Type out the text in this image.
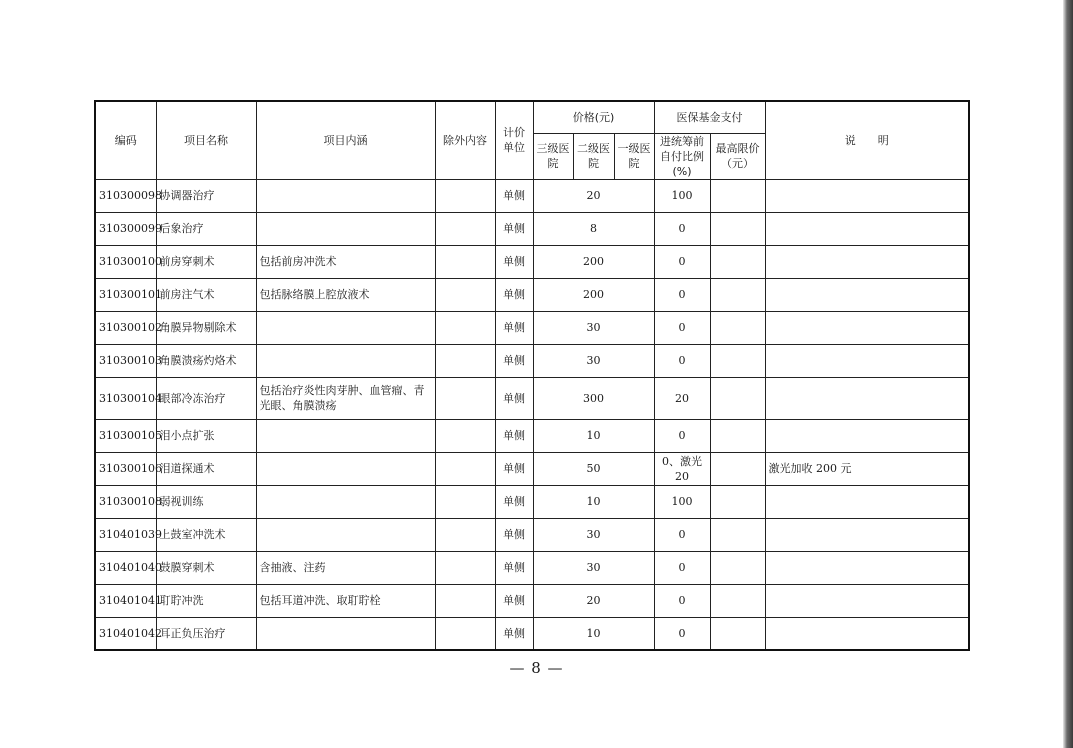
编码	项目名称	项目内涵	除外内容	计价单位	价格(元)			医保基金支付		说　　明
					三级医院	二级医院	一级医院	进统筹前自付比例 (%)	最高限价（元）	
310300098	协调器治疗			单侧	20			100		
310300099	后象治疗			单侧	8			0		
310300100	前房穿刺术	包括前房冲洗术		单侧	200			0		
310300101	前房注气术	包括脉络膜上腔放液术		单侧	200			0		
310300102	角膜异物剔除术			单侧	30			0		
310300103	角膜溃疡灼烙术			单侧	30			0		
310300104	眼部冷冻治疗	包括治疗炎性肉芽肿、血管瘤、青光眼、角膜溃疡		单侧	300			20		
310300105	泪小点扩张			单侧	10			0		
310300106	泪道探通术			单侧	50			0、激光 20		激光加收 200 元
310300108	弱视训练			单侧	10			100		
310401039	上鼓室冲洗术			单侧	30			0		
310401040	鼓膜穿刺术	含抽液、注药		单侧	30			0		
310401041	耵聍冲洗	包括耳道冲洗、取耵聍栓		单侧	20			0		
310401042	耳正负压治疗			单侧	10			0		
— 8 —
